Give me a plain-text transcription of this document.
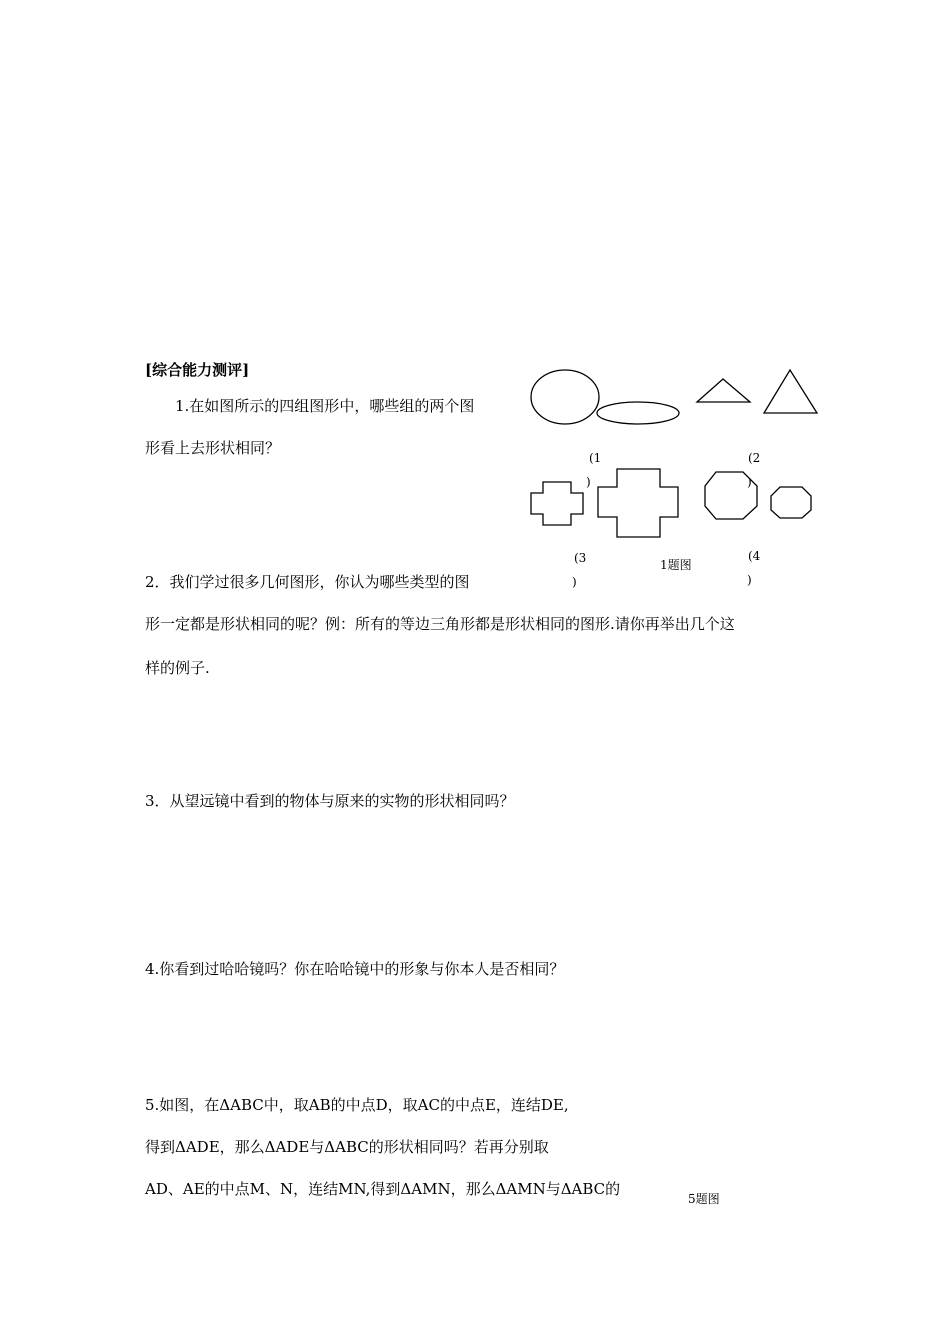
[综合能力测评]
1.在如图所示的四组图形中，哪些组的两个图
形看上去形状相同？
(1
)
(2
)
(3
)
(4
)
1题图
2．我们学过很多几何图形，你认为哪些类型的图
形一定都是形状相同的呢？例：所有的等边三角形都是形状相同的图形.请你再举出几个这
样的例子.
3．从望远镜中看到的物体与原来的实物的形状相同吗？
4.你看到过哈哈镜吗？你在哈哈镜中的形象与你本人是否相同？
5.如图，在ΔABC中，取AB的中点D，取AC的中点E，连结DE,
得到ΔADE，那么ΔADE与ΔABC的形状相同吗？若再分别取
AD、AE的中点M、N，连结MN,得到ΔAMN，那么ΔAMN与ΔABC的
5题图
